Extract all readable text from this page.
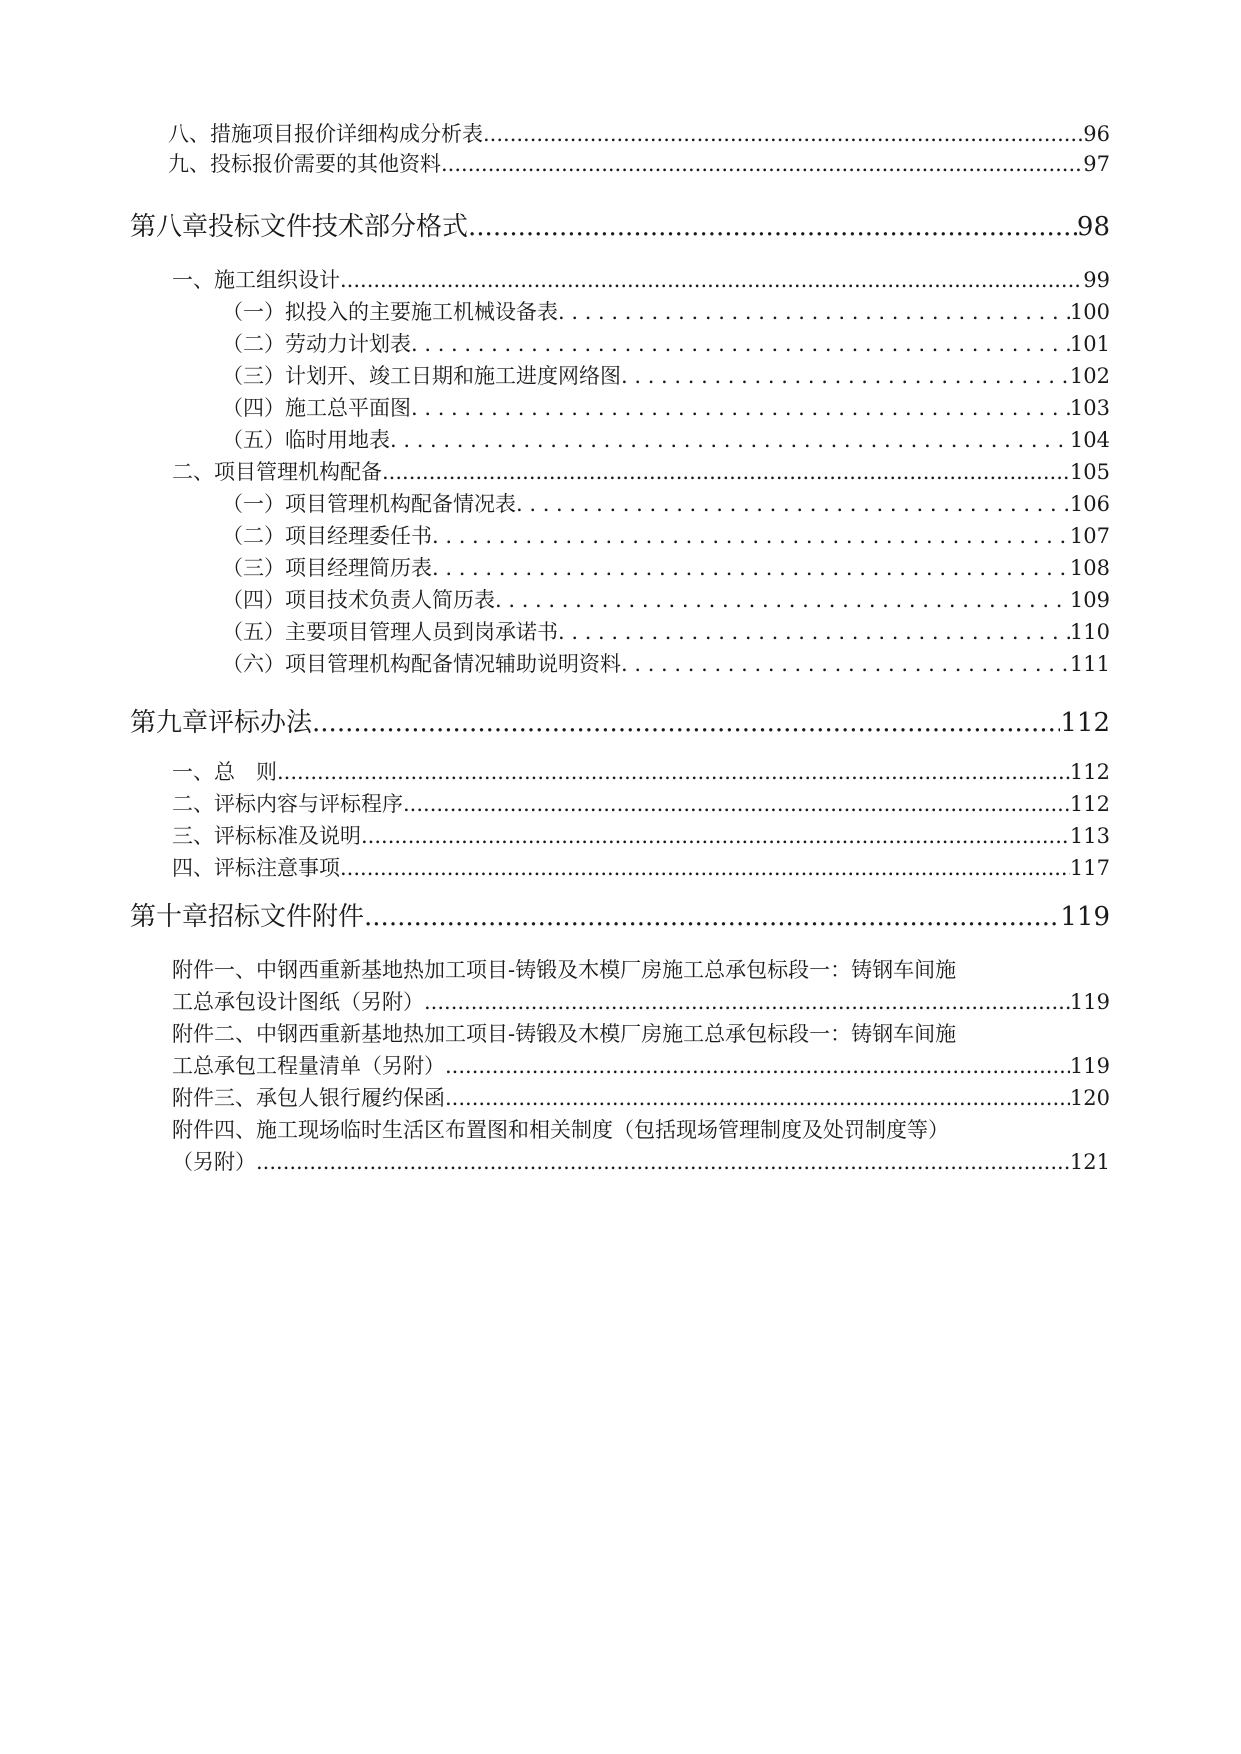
八、 措施项目报价详细构成分析表 .....	96
九、 投标报价需要的其他资料 .....	97
第八章 投标文件技术部分格式 .....	98
一、 施工组织设计 .....	99
（一） 拟投入的主要施工机械设备表 . . .	100
（二） 劳动力计划表 . . .	101
（三） 计划开、竣工日期和施工进度网络图 . . .	102
（四） 施工总平面图 . . .	103
（五） 临时用地表 . . .	104
二、 项目管理机构配备 .....	105
（一） 项目管理机构配备情况表 . . .	106
（二） 项目经理委任书 . . .	107
（三） 项目经理简历表 . . .	108
（四） 项目技术负责人简历表 . . .	109
（五） 主要项目管理人员到岗承诺书 . . .	110
（六） 项目管理机构配备情况辅助说明资料 . . .	111
第九章 评标办法 .....	112
一、总　则 .....	112
二、评标内容与评标程序 .....	112
三、评标标准及说明 .....	113
四、评标注意事项 .....	117
第十章 招标文件附件 .....	119
附件一、中钢西重新基地热加工项目-铸锻及木模厂房施工总承包标段一：铸钢车间施
工总承包设计图纸（另附） .....	119
附件二、中钢西重新基地热加工项目-铸锻及木模厂房施工总承包标段一：铸钢车间施
工总承包工程量清单（另附） .....	119
附件三、承包人银行履约保函 .....	120
附件四、施工现场临时生活区布置图和相关制度（包括现场管理制度及处罚制度等）
（另附） .....	121
